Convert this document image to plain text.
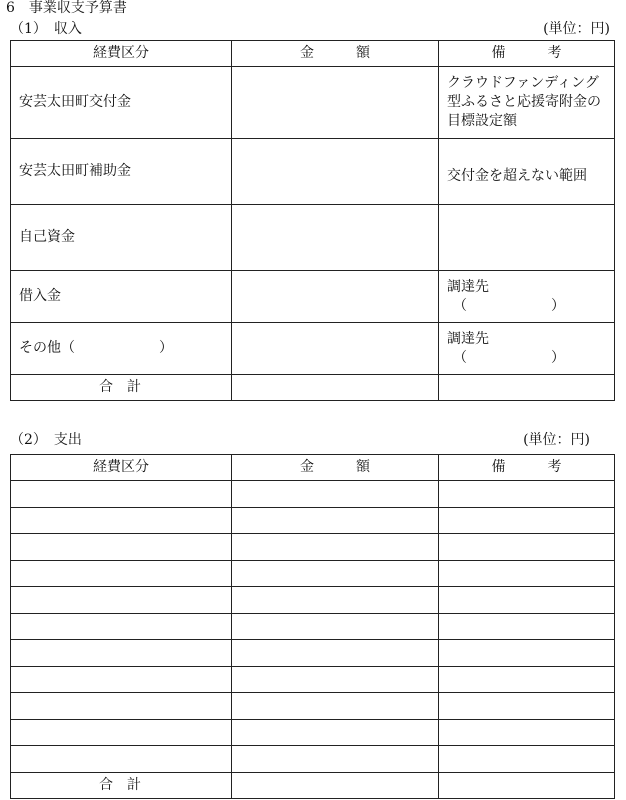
6　事業収支予算書
（1）　収入	(単位：円)
経費区分	金　　　額	備　　　考
安芸太田町交付金		クラウドファンディング
型ふるさと応援寄附金の
目標設定額

安芸太田町補助金		交付金を超えない範囲

自己資金		
借入金		調達先
（　　　　　　）

その他（　　　　　　）		調達先
（　　　　　　）

合　計		
（2）　支出	(単位：円)
経費区分	金　　　額	備　　　考

合　計		
